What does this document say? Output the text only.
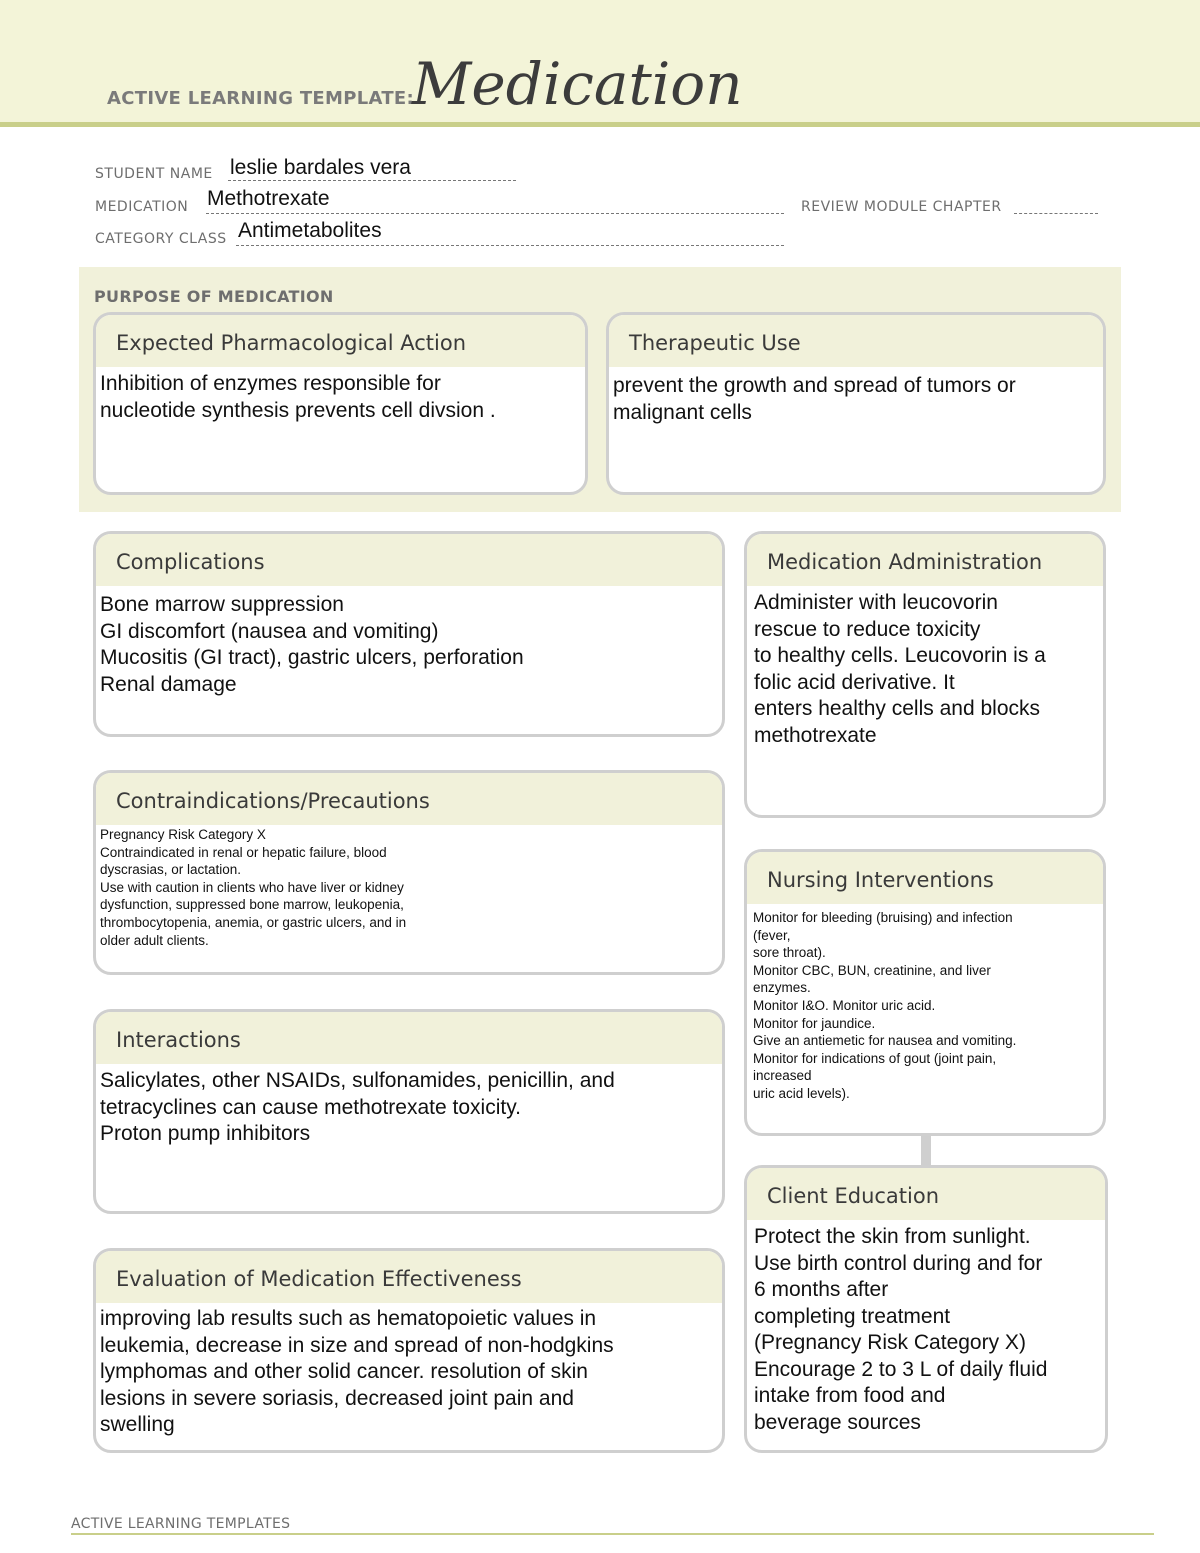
ACTIVE LEARNING TEMPLATE:
Medication
STUDENT NAME leslie bardales vera
MEDICATION Methotrexate	REVIEW MODULE CHAPTER
CATEGORY CLASS Antimetabolites
PURPOSE OF MEDICATION
Expected Pharmacological Action
Inhibition of enzymes responsible for
nucleotide synthesis prevents cell divsion .
Therapeutic Use
prevent the growth and spread of tumors or
malignant cells
Complications
Bone marrow suppression
GI discomfort (nausea and vomiting)
Mucositis (GI tract), gastric ulcers, perforation
Renal damage
Contraindications/Precautions
Pregnancy Risk Category X
Contraindicated in renal or hepatic failure, blood
dyscrasias, or lactation.
Use with caution in clients who have liver or kidney
dysfunction, suppressed bone marrow, leukopenia,
thrombocytopenia, anemia, or gastric ulcers, and in
older adult clients.
Interactions
Salicylates, other NSAIDs, sulfonamides, penicillin, and
tetracyclines can cause methotrexate toxicity.
Proton pump inhibitors
Evaluation of Medication Effectiveness
improving lab results such as hematopoietic values in
leukemia, decrease in size and spread of non-hodgkins
lymphomas and other solid cancer. resolution of skin
lesions in severe soriasis, decreased joint pain and
swelling
Medication Administration
Administer with leucovorin
rescue to reduce toxicity
to healthy cells. Leucovorin is a
folic acid derivative. It
enters healthy cells and blocks
methotrexate
Nursing Interventions
Monitor for bleeding (bruising) and infection
(fever,
sore throat).
Monitor CBC, BUN, creatinine, and liver
enzymes.
Monitor I&O. Monitor uric acid.
Monitor for jaundice.
Give an antiemetic for nausea and vomiting.
Monitor for indications of gout (joint pain,
increased
uric acid levels).
Client Education
Protect the skin from sunlight.
Use birth control during and for
6 months after
completing treatment
(Pregnancy Risk Category X)
Encourage 2 to 3 L of daily fluid
intake from food and
beverage sources
ACTIVE LEARNING TEMPLATES
